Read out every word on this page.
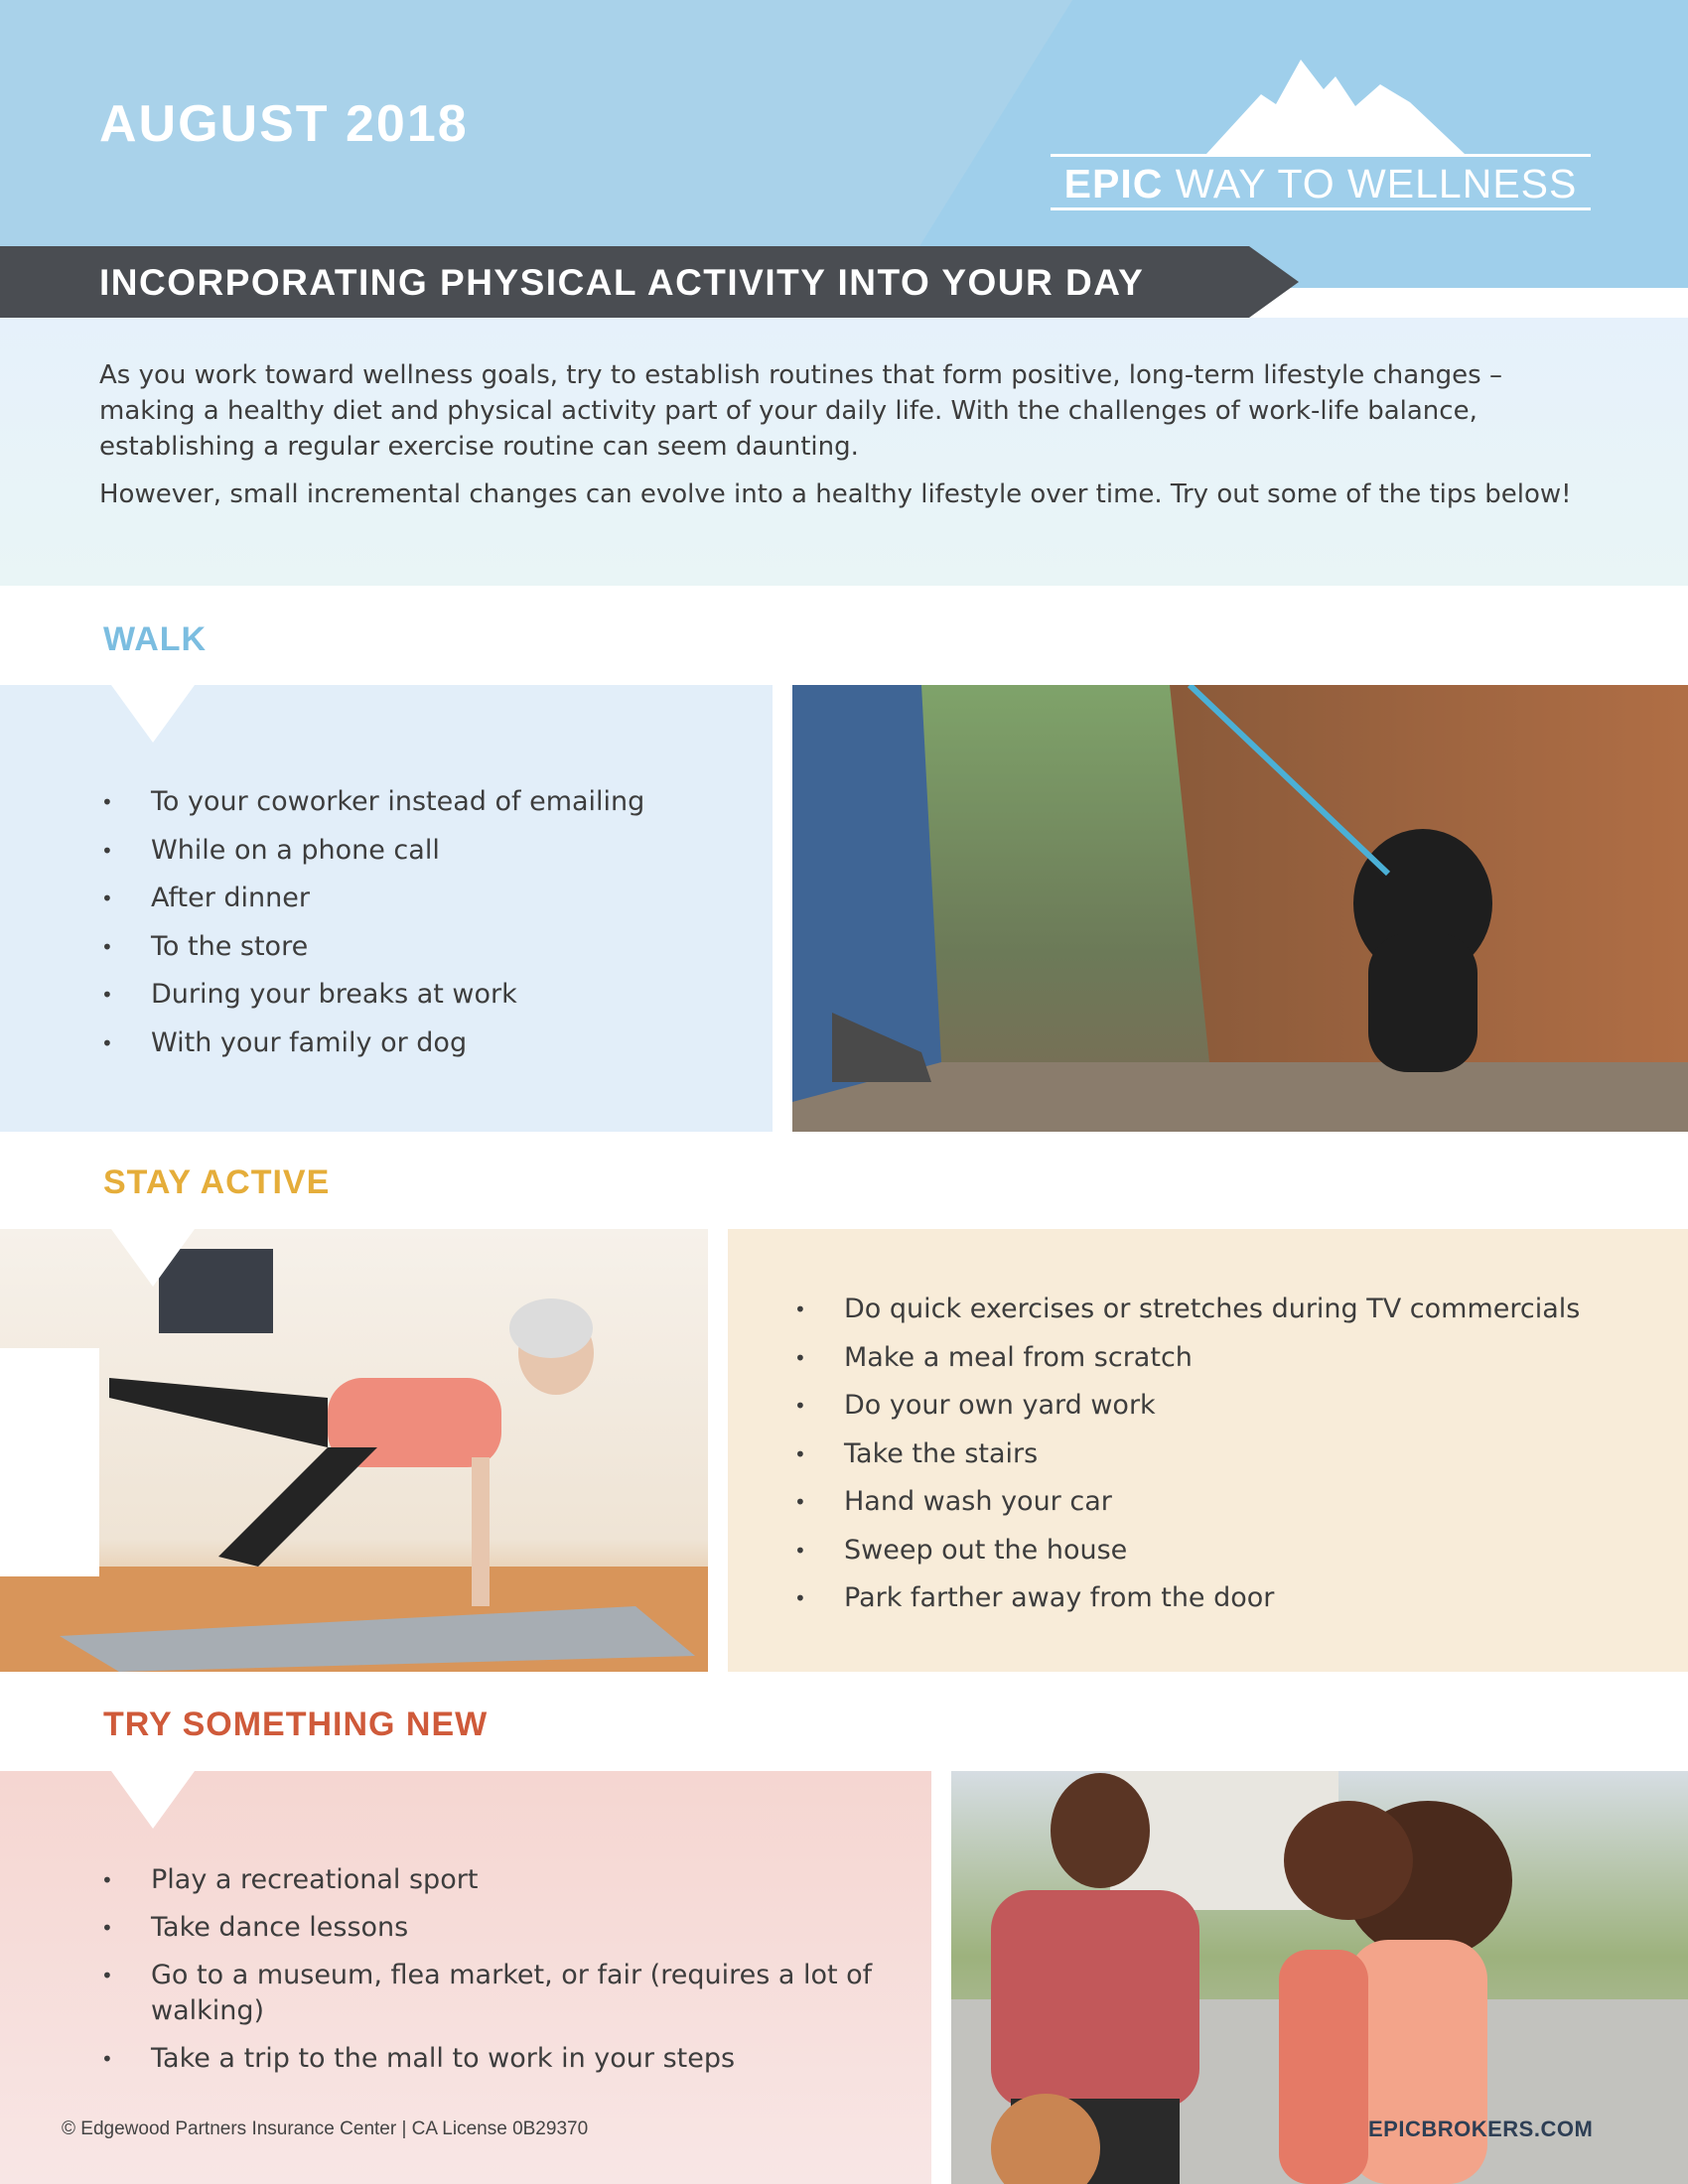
AUGUST 2018
EPIC WAY TO WELLNESS
INCORPORATING PHYSICAL ACTIVITY INTO YOUR DAY

As you work toward wellness goals, try to establish routines that form positive, long-term lifestyle changes – making a healthy diet and physical activity part of your daily life. With the challenges of work-life balance, establishing a regular exercise routine can seem daunting.

However, small incremental changes can evolve into a healthy lifestyle over time. Try out some of the tips below!

WALK
• To your coworker instead of emailing
• While on a phone call
• After dinner
• To the store
• During your breaks at work
• With your family or dog
STAY ACTIVE
• Do quick exercises or stretches during TV commercials
• Make a meal from scratch
• Do your own yard work
• Take the stairs
• Hand wash your car
• Sweep out the house
• Park farther away from the door
TRY SOMETHING NEW
• Play a recreational sport
• Take dance lessons
• Go to a museum, flea market, or fair (requires a lot of walking)
• Take a trip to the mall to work in your steps
© Edgewood Partners Insurance Center | CA License 0B29370	EPICBROKERS.COM
